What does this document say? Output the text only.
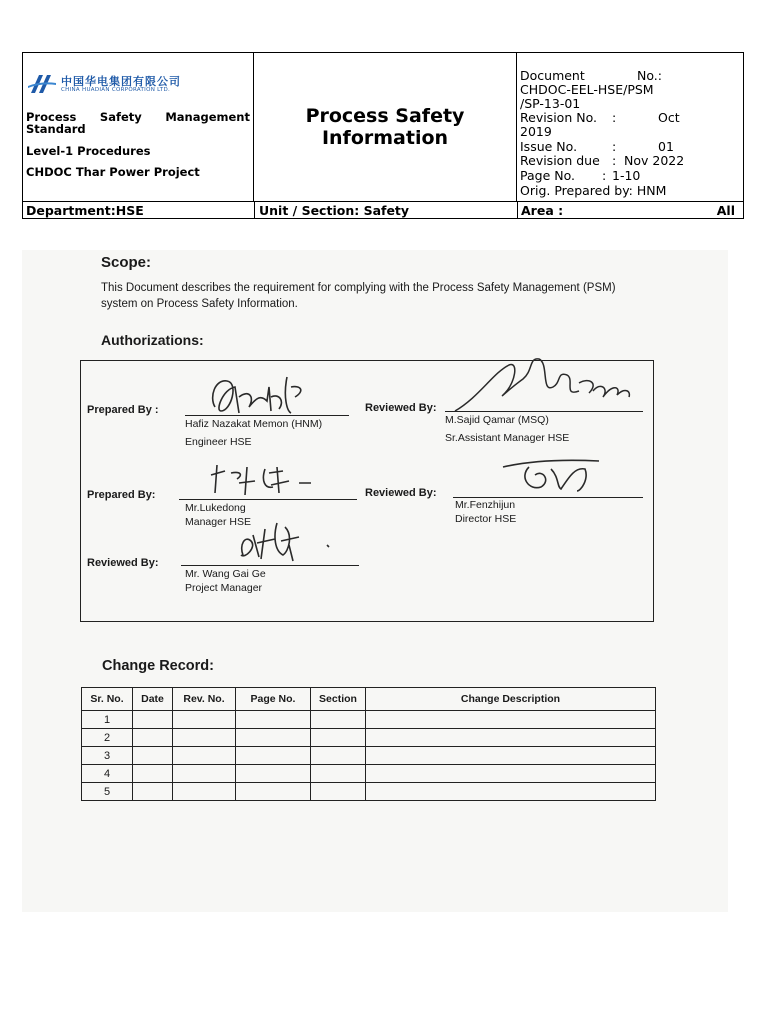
中国华电集团有限公司
CHINA HUADIAN CORPORATION LTD.
Process Safety Management
Standard
Level-1 Procedures
CHDOC Thar Power Project
Process Safety
Information
Document	No.:
CHDOC-EEL-HSE/PSM
/SP-13-01
Revision No. :	Oct
2019
Issue No.	:	01
Revision due : Nov 2022
Page No. : 1-10
Orig. Prepared by: HNM
Department:HSE	Unit / Section: Safety	Area :	All
Scope:
This Document describes the requirement for complying with the Process Safety Management (PSM) system on Process Safety Information.
Authorizations:
Prepared By :
Hafiz Nazakat Memon (HNM)
Engineer HSE
Reviewed By:
M.Sajid Qamar (MSQ)
Sr.Assistant Manager HSE
Prepared By:
Mr.Lukedong
Manager HSE
Reviewed By:
Mr.Fenzhijun
Director HSE
Reviewed By:
Mr. Wang Gai Ge
Project Manager
Change Record:
Sr. No.	Date	Rev. No.	Page No.	Section	Change Description
1					
2					
3					
4					
5					
